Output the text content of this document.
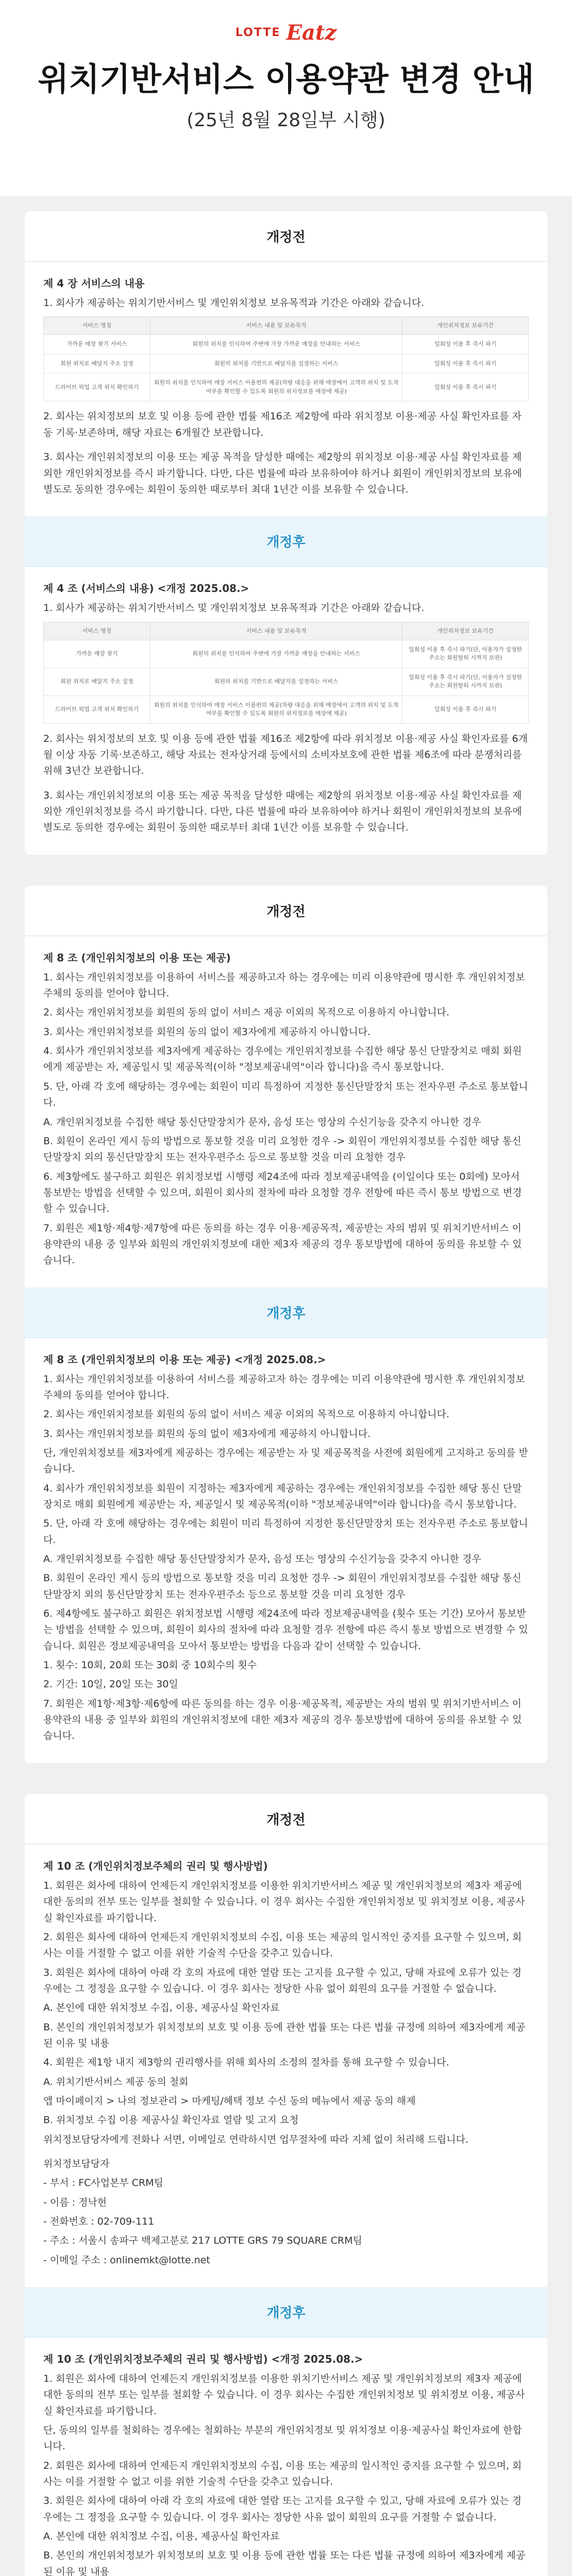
LOTTE Eatz
위치기반서비스 이용약관 변경 안내
(25년 8월 28일부 시행)
개정전
제 4 장 서비스의 내용

1. 회사가 제공하는 위치기반서비스 및 개인위치정보 보유목적과 기간은 아래와 같습니다.

서비스 명칭	서비스 내용 및 보유목적	개인위치정보 보유기간
가까운 매장 찾기 서비스	회원의 위치를 인식하여 주변에 가장 가까운 매장을 안내하는 서비스	일회성 이용 후 즉시 파기
회원 위치로 배달지 주소 설정	회원의 위치를 기반으로 배달지를 설정하는 서비스	일회성 이용 후 즉시 파기
드라이브 픽업 고객 위치 확인하기	회원의 위치를 인식하여 매장 서비스 이용편의 제공(차량 대응을 위해 매장에서 고객의 위치 및 도착 여부를 확인할 수 있도록 회원의 위치정보를 매장에 제공)	일회성 이용 후 즉시 파기

2. 회사는 위치정보의 보호 및 이용 등에 관한 법률 제16조 제2항에 따라 위치정보 이용·제공 사실 확인자료를 자동 기록·보존하며, 해당 자료는 6개월간 보관합니다.

3. 회사는 개인위치정보의 이용 또는 제공 목적을 달성한 때에는 제2항의 위치정보 이용·제공 사실 확인자료를 제외한 개인위치정보를 즉시 파기합니다. 다만, 다른 법률에 따라 보유하여야 하거나 회원이 개인위치정보의 보유에 별도로 동의한 경우에는 회원이 동의한 때로부터 최대 1년간 이를 보유할 수 있습니다.

개정후
제 4 조 (서비스의 내용) <개정 2025.08.>

1. 회사가 제공하는 위치기반서비스 및 개인위치정보 보유목적과 기간은 아래와 같습니다.

서비스 명칭	서비스 내용 및 보유목적	개인위치정보 보유기간
가까운 매장 찾기	회원의 위치를 인식하여 주변에 가장 가까운 매장을 안내하는 서비스	일회성 이용 후 즉시 파기(단, 이용자가 설정한 주소는 회원탈퇴 시까지 보관)
회원 위치로 배달지 주소 설정	회원의 위치를 기반으로 배달지를 설정하는 서비스	일회성 이용 후 즉시 파기(단, 이용자가 설정한 주소는 회원탈퇴 시까지 보관)
드라이브 픽업 고객 위치 확인하기	회원의 위치를 인식하여 매장 서비스 이용편의 제공(차량 대응을 위해 매장에서 고객의 위치 및 도착 여부를 확인할 수 있도록 회원의 위치정보를 매장에 제공)	일회성 이용 후 즉시 파기

2. 회사는 위치정보의 보호 및 이용 등에 관한 법률 제16조 제2항에 따라 위치정보 이용·제공 사실 확인자료를 6개월 이상 자동 기록·보존하고, 해당 자료는 전자상거래 등에서의 소비자보호에 관한 법률 제6조에 따라 분쟁처리를 위해 3년간 보관합니다.

3. 회사는 개인위치정보의 이용 또는 제공 목적을 달성한 때에는 제2항의 위치정보 이용·제공 사실 확인자료를 제외한 개인위치정보를 즉시 파기합니다. 다만, 다른 법률에 따라 보유하여야 하거나 회원이 개인위치정보의 보유에 별도로 동의한 경우에는 회원이 동의한 때로부터 최대 1년간 이를 보유할 수 있습니다.

개정전
제 8 조 (개인위치정보의 이용 또는 제공)

1. 회사는 개인위치정보를 이용하여 서비스를 제공하고자 하는 경우에는 미리 이용약관에 명시한 후 개인위치정보주체의 동의를 얻어야 합니다.

2. 회사는 개인위치정보를 회원의 동의 없이 서비스 제공 이외의 목적으로 이용하지 아니합니다.

3. 회사는 개인위치정보를 회원의 동의 없이 제3자에게 제공하지 아니합니다.

4. 회사가 개인위치정보를 제3자에게 제공하는 경우에는 개인위치정보를 수집한 해당 통신 단말장치로 매회 회원에게 제공받는 자, 제공일시 및 제공목적(이하 "정보제공내역"이라 합니다)을 즉시 통보합니다.

5. 단, 아래 각 호에 해당하는 경우에는 회원이 미리 특정하여 지정한 통신단말장치 또는 전자우편 주소로 통보합니다.

A. 개인위치정보를 수집한 해당 통신단말장치가 문자, 음성 또는 영상의 수신기능을 갖추지 아니한 경우

B. 회원이 온라인 게시 등의 방법으로 통보할 것을 미리 요청한 경우 -> 회원이 개인위치정보를 수집한 해당 통신단말장치 외의 통신단말장치 또는 전자우편주소 등으로 통보할 것을 미리 요청한 경우

6. 제3항에도 불구하고 회원은 위치정보법 시행령 제24조에 따라 정보제공내역을 (이일이다 또는 0회에) 모아서 통보받는 방법을 선택할 수 있으며, 회원이 회사의 절차에 따라 요청할 경우 전항에 따른 즉시 통보 방법으로 변경할 수 있습니다.

7. 회원은 제1항·제4항·제7항에 따른 동의를 하는 경우 이용·제공목적, 제공받는 자의 범위 및 위치기반서비스 이용약관의 내용 중 일부와 회원의 개인위치정보에 대한 제3자 제공의 경우 통보방법에 대하여 동의를 유보할 수 있습니다.

개정후
제 8 조 (개인위치정보의 이용 또는 제공) <개정 2025.08.>

1. 회사는 개인위치정보를 이용하여 서비스를 제공하고자 하는 경우에는 미리 이용약관에 명시한 후 개인위치정보주체의 동의를 얻어야 합니다.

2. 회사는 개인위치정보를 회원의 동의 없이 서비스 제공 이외의 목적으로 이용하지 아니합니다.

3. 회사는 개인위치정보를 회원의 동의 없이 제3자에게 제공하지 아니합니다.

단, 개인위치정보를 제3자에게 제공하는 경우에는 제공받는 자 및 제공목적을 사전에 회원에게 고지하고 동의를 받습니다.

4. 회사가 개인위치정보를 회원이 지정하는 제3자에게 제공하는 경우에는 개인위치정보를 수집한 해당 통신 단말장치로 매회 회원에게 제공받는 자, 제공일시 및 제공목적(이하 "정보제공내역"이라 합니다)을 즉시 통보합니다.

5. 단, 아래 각 호에 해당하는 경우에는 회원이 미리 특정하여 지정한 통신단말장치 또는 전자우편 주소로 통보합니다.

A. 개인위치정보를 수집한 해당 통신단말장치가 문자, 음성 또는 영상의 수신기능을 갖추지 아니한 경우

B. 회원이 온라인 게시 등의 방법으로 통보할 것을 미리 요청한 경우 -> 회원이 개인위치정보를 수집한 해당 통신단말장치 외의 통신단말장치 또는 전자우편주소 등으로 통보할 것을 미리 요청한 경우

6. 제4항에도 불구하고 회원은 위치정보법 시행령 제24조에 따라 정보제공내역을 (횟수 또는 기간) 모아서 통보받는 방법을 선택할 수 있으며, 회원이 회사의 절차에 따라 요청할 경우 전항에 따른 즉시 통보 방법으로 변경할 수 있습니다. 회원은 정보제공내역을 모아서 통보받는 방법을 다음과 같이 선택할 수 있습니다.

1. 횟수: 10회, 20회 또는 30회 중 10회수의 횟수

2. 기간: 10일, 20일 또는 30일

7. 회원은 제1항·제3항·제6항에 따른 동의를 하는 경우 이용·제공목적, 제공받는 자의 범위 및 위치기반서비스 이용약관의 내용 중 일부와 회원의 개인위치정보에 대한 제3자 제공의 경우 통보방법에 대하여 동의를 유보할 수 있습니다.

개정전
제 10 조 (개인위치정보주체의 권리 및 행사방법)

1. 회원은 회사에 대하여 언제든지 개인위치정보를 이용한 위치기반서비스 제공 및 개인위치정보의 제3자 제공에 대한 동의의 전부 또는 일부를 철회할 수 있습니다. 이 경우 회사는 수집한 개인위치정보 및 위치정보 이용, 제공사실 확인자료를 파기합니다.

2. 회원은 회사에 대하여 언제든지 개인위치정보의 수집, 이용 또는 제공의 일시적인 중지를 요구할 수 있으며, 회사는 이를 거절할 수 없고 이를 위한 기술적 수단을 갖추고 있습니다.

3. 회원은 회사에 대하여 아래 각 호의 자료에 대한 열람 또는 고지를 요구할 수 있고, 당해 자료에 오류가 있는 경우에는 그 정정을 요구할 수 있습니다. 이 경우 회사는 정당한 사유 없이 회원의 요구를 거절할 수 없습니다.

A. 본인에 대한 위치정보 수집, 이용, 제공사실 확인자료

B. 본인의 개인위치정보가 위치정보의 보호 및 이용 등에 관한 법률 또는 다른 법률 규정에 의하여 제3자에게 제공된 이유 및 내용

4. 회원은 제1항 내지 제3항의 권리행사를 위해 회사의 소정의 절차를 통해 요구할 수 있습니다.

A. 위치기반서비스 제공 동의 철회

앱 마이페이지 > 나의 정보관리 > 마케팅/혜택 정보 수신 동의 메뉴에서 제공 동의 해제

B. 위치정보 수집 이용 제공사실 확인자료 열람 및 고지 요청

위치정보담당자에게 전화나 서면, 이메일로 연락하시면 업무절차에 따라 지체 없이 처리해 드립니다.

위치정보담당자

- 부서 : FC사업본부 CRM팀

- 이름 : 정낙현

- 전화번호 : 02-709-111

- 주소 : 서울시 송파구 백제고분로 217 LOTTE GRS 79 SQUARE CRM팀

- 이메일 주소 : onlinemkt@lotte.net

개정후
제 10 조 (개인위치정보주체의 권리 및 행사방법) <개정 2025.08.>

1. 회원은 회사에 대하여 언제든지 개인위치정보를 이용한 위치기반서비스 제공 및 개인위치정보의 제3자 제공에 대한 동의의 전부 또는 일부를 철회할 수 있습니다. 이 경우 회사는 수집한 개인위치정보 및 위치정보 이용, 제공사실 확인자료를 파기합니다.

단, 동의의 일부를 철회하는 경우에는 철회하는 부분의 개인위치정보 및 위치정보 이용·제공사실 확인자료에 한합니다.

2. 회원은 회사에 대하여 언제든지 개인위치정보의 수집, 이용 또는 제공의 일시적인 중지를 요구할 수 있으며, 회사는 이를 거절할 수 없고 이를 위한 기술적 수단을 갖추고 있습니다.

3. 회원은 회사에 대하여 아래 각 호의 자료에 대한 열람 또는 고지를 요구할 수 있고, 당해 자료에 오류가 있는 경우에는 그 정정을 요구할 수 있습니다. 이 경우 회사는 정당한 사유 없이 회원의 요구를 거절할 수 없습니다.

A. 본인에 대한 위치정보 수집, 이용, 제공사실 확인자료

B. 본인의 개인위치정보가 위치정보의 보호 및 이용 등에 관한 법률 또는 다른 법률 규정에 의하여 제3자에게 제공된 이유 및 내용
